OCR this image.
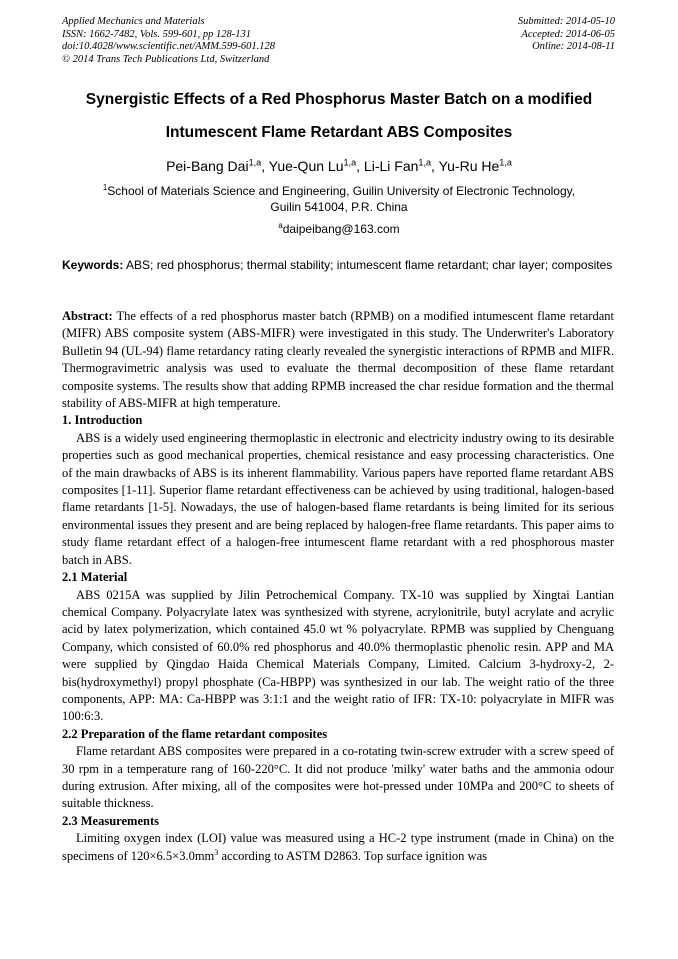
Applied Mechanics and Materials
ISSN: 1662-7482, Vols. 599-601, pp 128-131
doi:10.4028/www.scientific.net/AMM.599-601.128
© 2014 Trans Tech Publications Ltd, Switzerland
Submitted: 2014-05-10
Accepted: 2014-06-05
Online: 2014-08-11
Synergistic Effects of a Red Phosphorus Master Batch on a modified
Intumescent Flame Retardant ABS Composites
Pei-Bang Dai$^{1,a}$, Yue-Qun Lu$^{1,a}$, Li-Li Fan$^{1,a}$, Yu-Ru He$^{1,a}$
$^1$School of Materials Science and Engineering, Guilin University of Electronic Technology,
Guilin 541004, P.R. China
$^a$daipeibang@163.com
Keywords: ABS; red phosphorus; thermal stability; intumescent flame retardant; char layer; composites

Abstract: The effects of a red phosphorus master batch (RPMB) on a modified intumescent flame retardant (MIFR) ABS composite system (ABS-MIFR) were investigated in this study. The Underwriter's Laboratory Bulletin 94 (UL-94) flame retardancy rating clearly revealed the synergistic interactions of RPMB and MIFR. Thermogravimetric analysis was used to evaluate the thermal decomposition of these flame retardant composite systems. The results show that adding RPMB increased the char residue formation and the thermal stability of ABS-MIFR at high temperature.

1. Introduction

ABS is a widely used engineering thermoplastic in electronic and electricity industry owing to its desirable properties such as good mechanical properties, chemical resistance and easy processing characteristics. One of the main drawbacks of ABS is its inherent flammability. Various papers have reported flame retardant ABS composites [1-11]. Superior flame retardant effectiveness can be achieved by using traditional, halogen-based flame retardants [1-5]. Nowadays, the use of halogen-based flame retardants is being limited for its serious environmental issues they present and are being replaced by halogen-free flame retardants. This paper aims to study flame retardant effect of a halogen-free intumescent flame retardant with a red phosphorous master batch in ABS.

2.1 Material

ABS 0215A was supplied by Jilin Petrochemical Company. TX-10 was supplied by Xingtai Lantian chemical Company. Polyacrylate latex was synthesized with styrene, acrylonitrile, butyl acrylate and acrylic acid by latex polymerization, which contained 45.0 wt % polyacrylate. RPMB was supplied by Chenguang Company, which consisted of 60.0% red phosphorus and 40.0% thermoplastic phenolic resin. APP and MA were supplied by Qingdao Haida Chemical Materials Company, Limited. Calcium 3-hydroxy-2, 2-bis(hydroxymethyl) propyl phosphate (Ca-HBPP) was synthesized in our lab. The weight ratio of the three components, APP: MA: Ca-HBPP was 3:1:1 and the weight ratio of IFR: TX-10: polyacrylate in MIFR was 100:6:3.

2.2 Preparation of the flame retardant composites

Flame retardant ABS composites were prepared in a co-rotating twin-screw extruder with a screw speed of 30 rpm in a temperature rang of 160-220°C. It did not produce 'milky' water baths and the ammonia odour during extrusion. After mixing, all of the composites were hot-pressed under 10MPa and 200°C to sheets of suitable thickness.

2.3 Measurements

Limiting oxygen index (LOI) value was measured using a HC-2 type instrument (made in China) on the specimens of $120\times 6.5\times 3.0mm^3$ according to ASTM D2863. Top surface ignition was
